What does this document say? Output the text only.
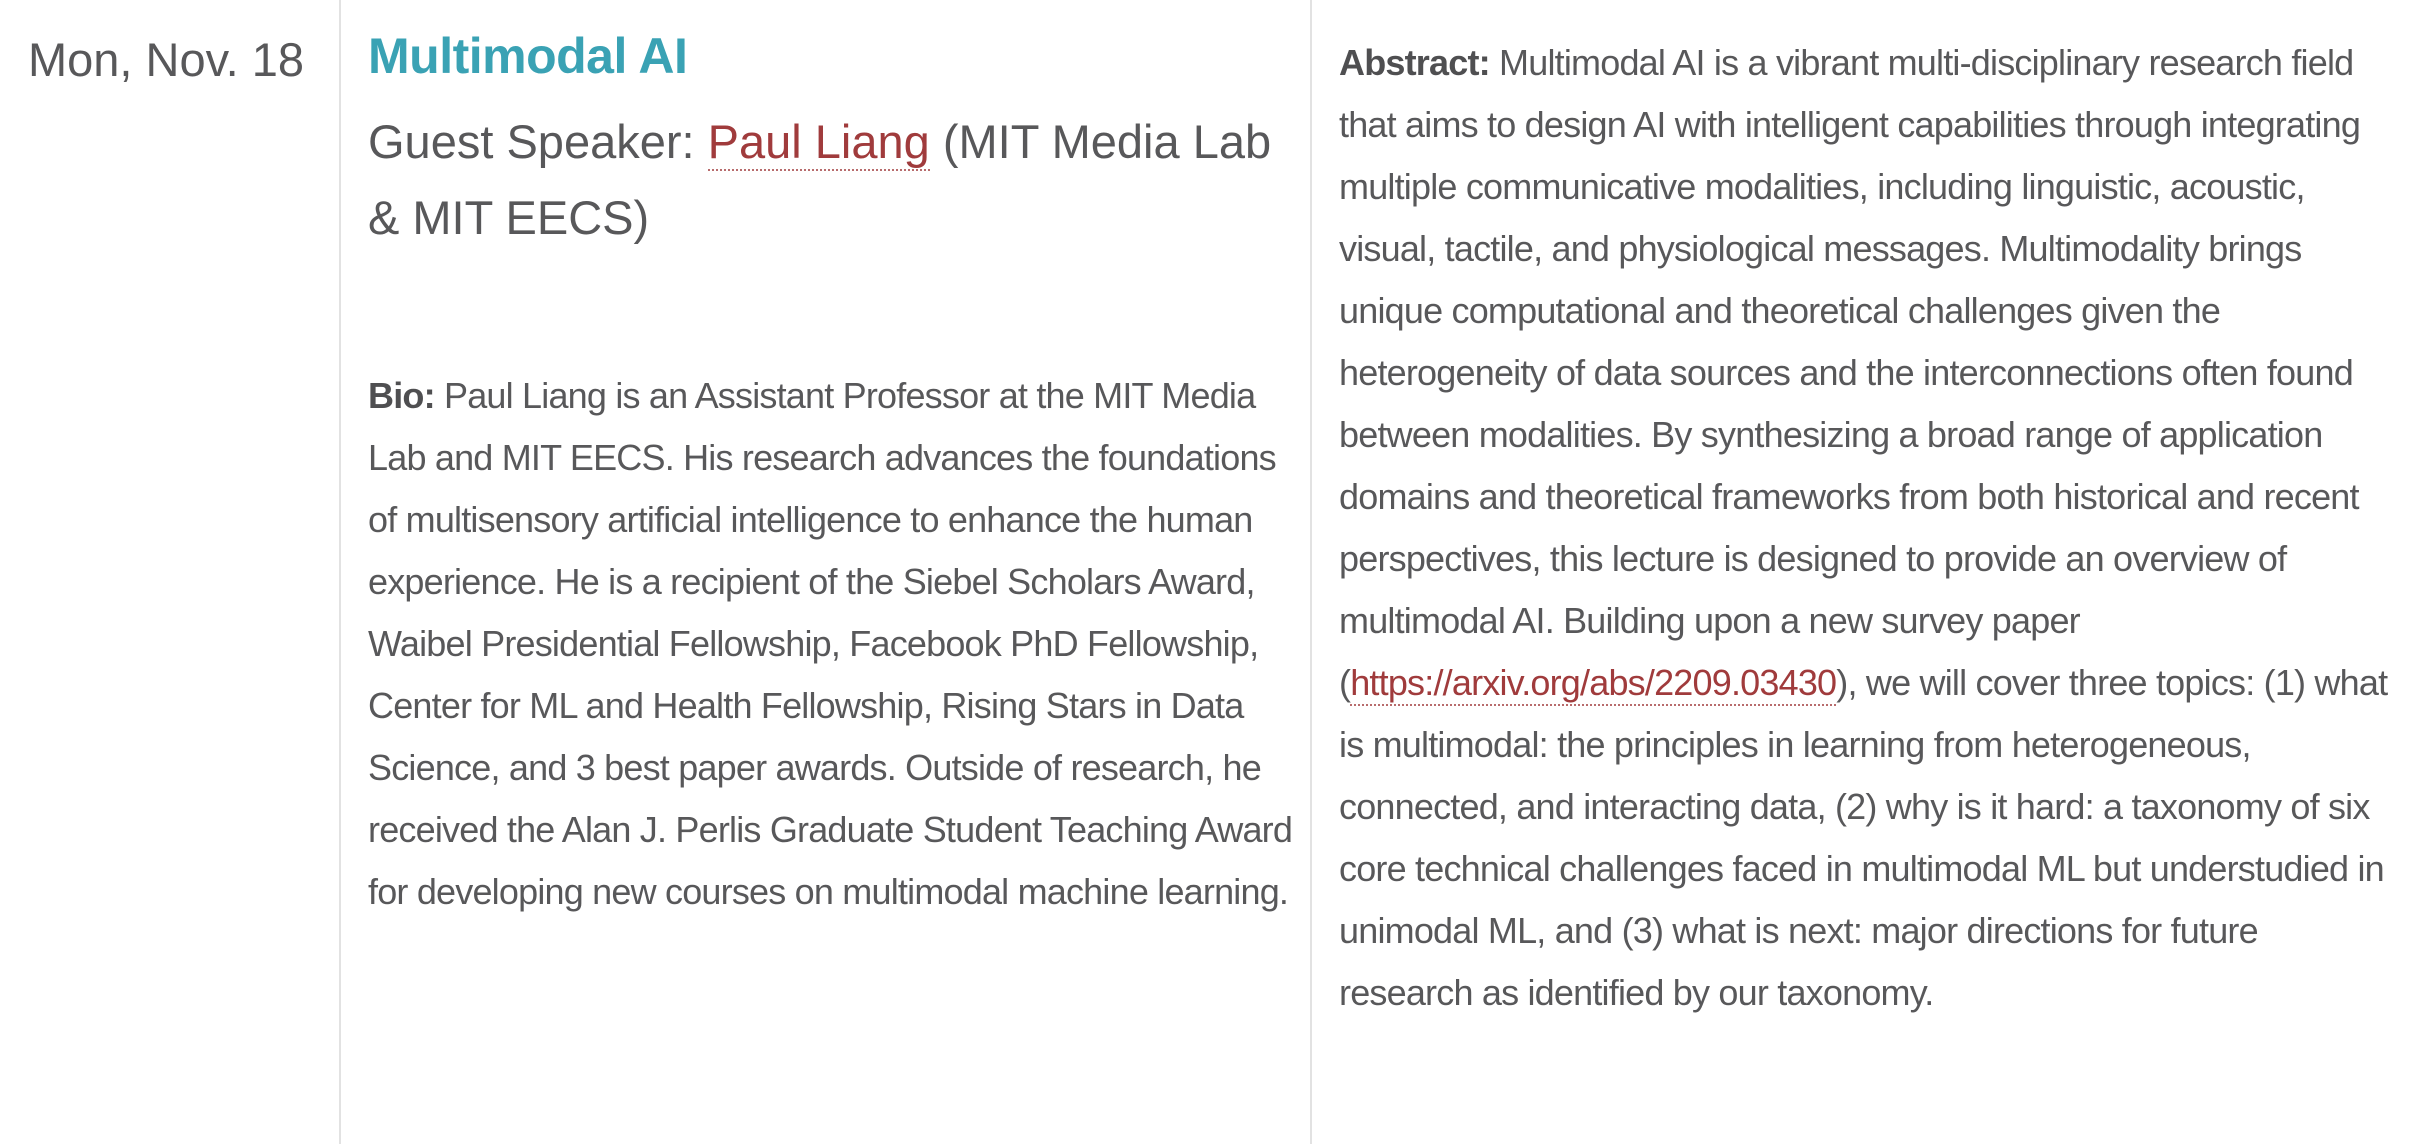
Mon, Nov. 18 Multimodal AI

Guest Speaker: Paul Liang (MIT Media Lab & MIT EECS)

Bio: Paul Liang is an Assistant Professor at the MIT Media Lab and MIT EECS. His research advances the foundations of multisensory artificial intelligence to enhance the human experience. He is a recipient of the Siebel Scholars Award, Waibel Presidential Fellowship, Facebook PhD Fellowship, Center for ML and Health Fellowship, Rising Stars in Data Science, and 3 best paper awards. Outside of research, he received the Alan J. Perlis Graduate Student Teaching Award for developing new courses on multimodal machine learning.

Abstract: Multimodal AI is a vibrant multi-disciplinary research field that aims to design AI with intelligent capabilities through integrating multiple communicative modalities, including linguistic, acoustic, visual, tactile, and physiological messages. Multimodality brings unique computational and theoretical challenges given the heterogeneity of data sources and the interconnections often found between modalities. By synthesizing a broad range of application domains and theoretical frameworks from both historical and recent perspectives, this lecture is designed to provide an overview of multimodal AI. Building upon a new survey paper (https://arxiv.org/abs/2209.03430), we will cover three topics: (1) what is multimodal: the principles in learning from heterogeneous, connected, and interacting data, (2) why is it hard: a taxonomy of six core technical challenges faced in multimodal ML but understudied in unimodal ML, and (3) what is next: major directions for future research as identified by our taxonomy.
